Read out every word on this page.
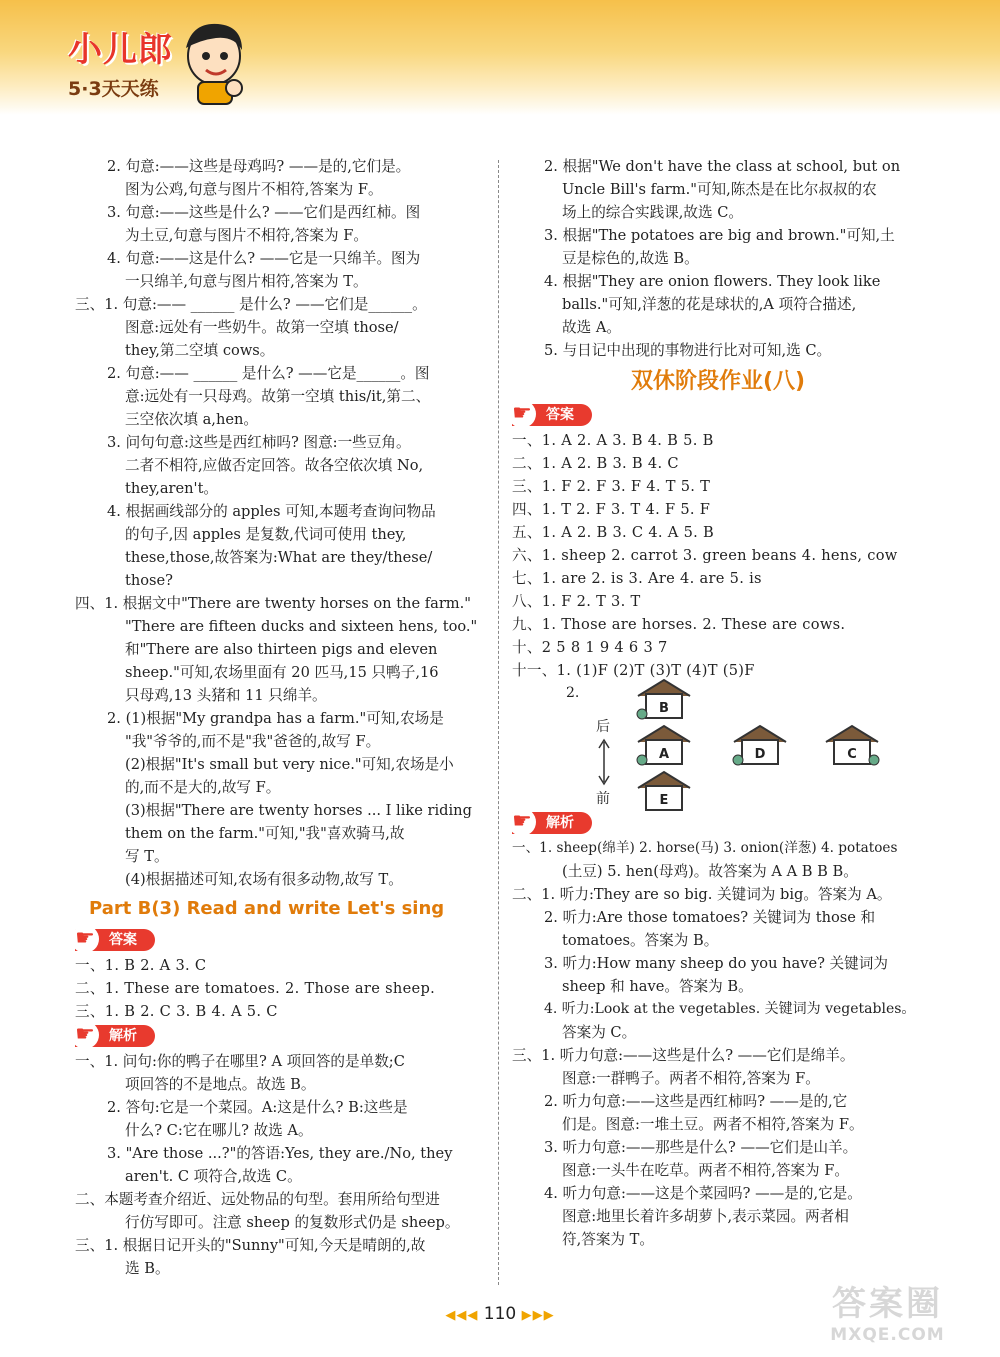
小儿郎
5·3天天练
2. 句意:——这些是母鸡吗? ——是的,它们是。
图为公鸡,句意与图片不相符,答案为 F。
3. 句意:——这些是什么? ——它们是西红柿。图
为土豆,句意与图片不相符,答案为 F。
4. 句意:——这是什么? ——它是一只绵羊。图为
一只绵羊,句意与图片相符,答案为 T。
三、1. 句意:—— ______ 是什么? ——它们是______。
图意:远处有一些奶牛。故第一空填 those/
they,第二空填 cows。
2. 句意:—— ______ 是什么? ——它是______。图
意:远处有一只母鸡。故第一空填 this/it,第二、
三空依次填 a,hen。
3. 问句句意:这些是西红柿吗? 图意:一些豆角。
二者不相符,应做否定回答。故各空依次填 No,
they,aren't。
4. 根据画线部分的 apples 可知,本题考查询问物品
的句子,因 apples 是复数,代词可使用 they,
these,those,故答案为:What are they/these/
those?
四、1. 根据文中"There are twenty horses on the farm."
"There are fifteen ducks and sixteen hens, too."
和"There are also thirteen pigs and eleven
sheep."可知,农场里面有 20 匹马,15 只鸭子,16
只母鸡,13 头猪和 11 只绵羊。
2. (1)根据"My grandpa has a farm."可知,农场是
"我"爷爷的,而不是"我"爸爸的,故写 F。
(2)根据"It's small but very nice."可知,农场是小
的,而不是大的,故写 F。
(3)根据"There are twenty horses ... I like riding
them on the farm."可知,"我"喜欢骑马,故
写 T。
(4)根据描述可知,农场有很多动物,故写 T。
Part B(3) Read and write Let's sing
☛ 答案
一、1. B 2. A 3. C
二、1. These are tomatoes. 2. Those are sheep.
三、1. B 2. C 3. B 4. A 5. C
☛ 解析
一、1. 问句:你的鸭子在哪里? A 项回答的是单数;C
项回答的不是地点。故选 B。
2. 答句:它是一个菜园。A:这是什么? B:这些是
什么? C:它在哪儿? 故选 A。
3. "Are those ...?"的答语:Yes, they are./No, they
aren't. C 项符合,故选 C。
二、本题考查介绍近、远处物品的句型。套用所给句型进
行仿写即可。注意 sheep 的复数形式仍是 sheep。
三、1. 根据日记开头的"Sunny"可知,今天是晴朗的,故
选 B。
2. 根据"We don't have the class at school, but on
Uncle Bill's farm."可知,陈杰是在比尔叔叔的农
场上的综合实践课,故选 C。
3. 根据"The potatoes are big and brown."可知,土
豆是棕色的,故选 B。
4. 根据"They are onion flowers. They look like
balls."可知,洋葱的花是球状的,A 项符合描述,
故选 A。
5. 与日记中出现的事物进行比对可知,选 C。
双休阶段作业(八)
☛ 答案
一、1. A 2. A 3. B 4. B 5. B
二、1. A 2. B 3. B 4. C
三、1. F 2. F 3. F 4. T 5. T
四、1. T 2. F 3. T 4. F 5. F
五、1. A 2. B 3. C 4. A 5. B
六、1. sheep 2. carrot 3. green beans 4. hens, cow
七、1. are 2. is 3. Are 4. are 5. is
八、1. F 2. T 3. T
九、1. Those are horses. 2. These are cows.
十、2 5 8 1 9 4 6 3 7
十一、1. (1)F (2)T (3)T (4)T (5)F
2.
后
前
B
A	D	C
E
☛ 解析
一、1. sheep(绵羊) 2. horse(马) 3. onion(洋葱) 4. potatoes
(土豆) 5. hen(母鸡)。故答案为 A A B B B。
二、1. 听力:They are so big. 关键词为 big。答案为 A。
2. 听力:Are those tomatoes? 关键词为 those 和
tomatoes。答案为 B。
3. 听力:How many sheep do you have? 关键词为
sheep 和 have。答案为 B。
4. 听力:Look at the vegetables. 关键词为 vegetables。
答案为 C。
三、1. 听力句意:——这些是什么? ——它们是绵羊。
图意:一群鸭子。两者不相符,答案为 F。
2. 听力句意:——这些是西红柿吗? ——是的,它
们是。图意:一堆土豆。两者不相符,答案为 F。
3. 听力句意:——那些是什么? ——它们是山羊。
图意:一头牛在吃草。两者不相符,答案为 F。
4. 听力句意:——这是个菜园吗? ——是的,它是。
图意:地里长着许多胡萝卜,表示菜园。两者相
符,答案为 T。
◀◀◀ 110 ▶▶▶	答案圈
MXQE.COM
